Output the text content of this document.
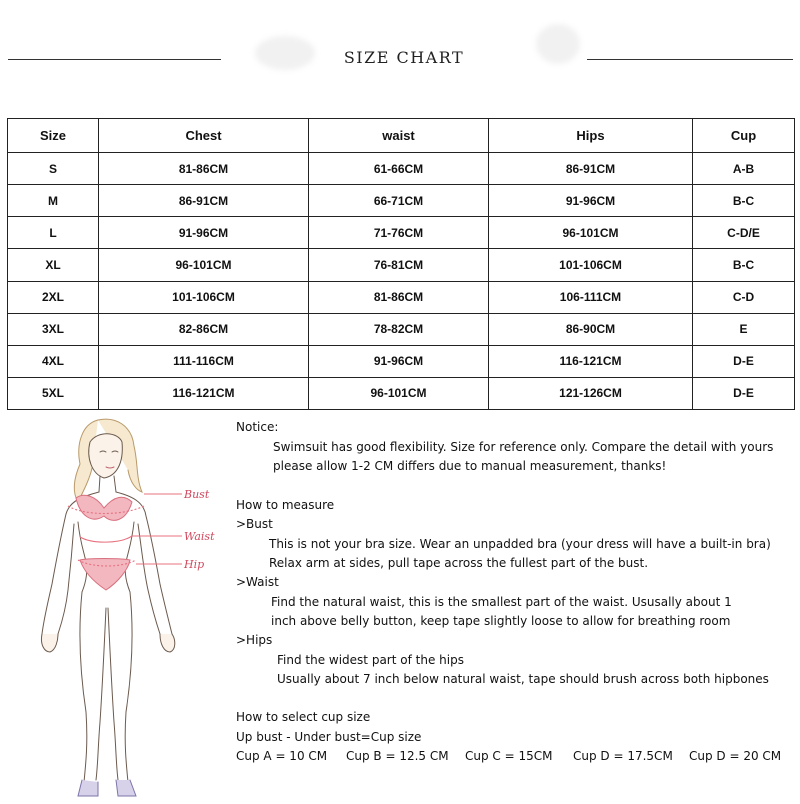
SIZE CHART
Size	Chest	waist	Hips	Cup
S	81-86CM	61-66CM	86-91CM	A-B
M	86-91CM	66-71CM	91-96CM	B-C
L	91-96CM	71-76CM	96-101CM	C-D/E
XL	96-101CM	76-81CM	101-106CM	B-C
2XL	101-106CM	81-86CM	106-111CM	C-D
3XL	82-86CM	78-82CM	86-90CM	E
4XL	111-116CM	91-96CM	116-121CM	D-E
5XL	116-121CM	96-101CM	121-126CM	D-E
Bust
Waist
Hip
Notice:
Swimsuit has good flexibility. Size for reference only. Compare the detail with yours
please allow 1-2 CM differs due to manual measurement, thanks!
How to measure
>Bust
This is not your bra size. Wear an unpadded bra (your dress will have a built-in bra)
Relax arm at sides, pull tape across the fullest part of the bust.
>Waist
Find the natural waist, this is the smallest part of the waist. Ususally about 1
inch above belly button, keep tape slightly loose to allow for breathing room
>Hips
Find the widest part of the hips
Usually about 7 inch below natural waist, tape should brush across both hipbones
How to select cup size
Up bust - Under bust=Cup size
Cup A = 10 CM Cup B = 12.5 CM Cup C = 15CM Cup D = 17.5CM Cup D = 20 CM
